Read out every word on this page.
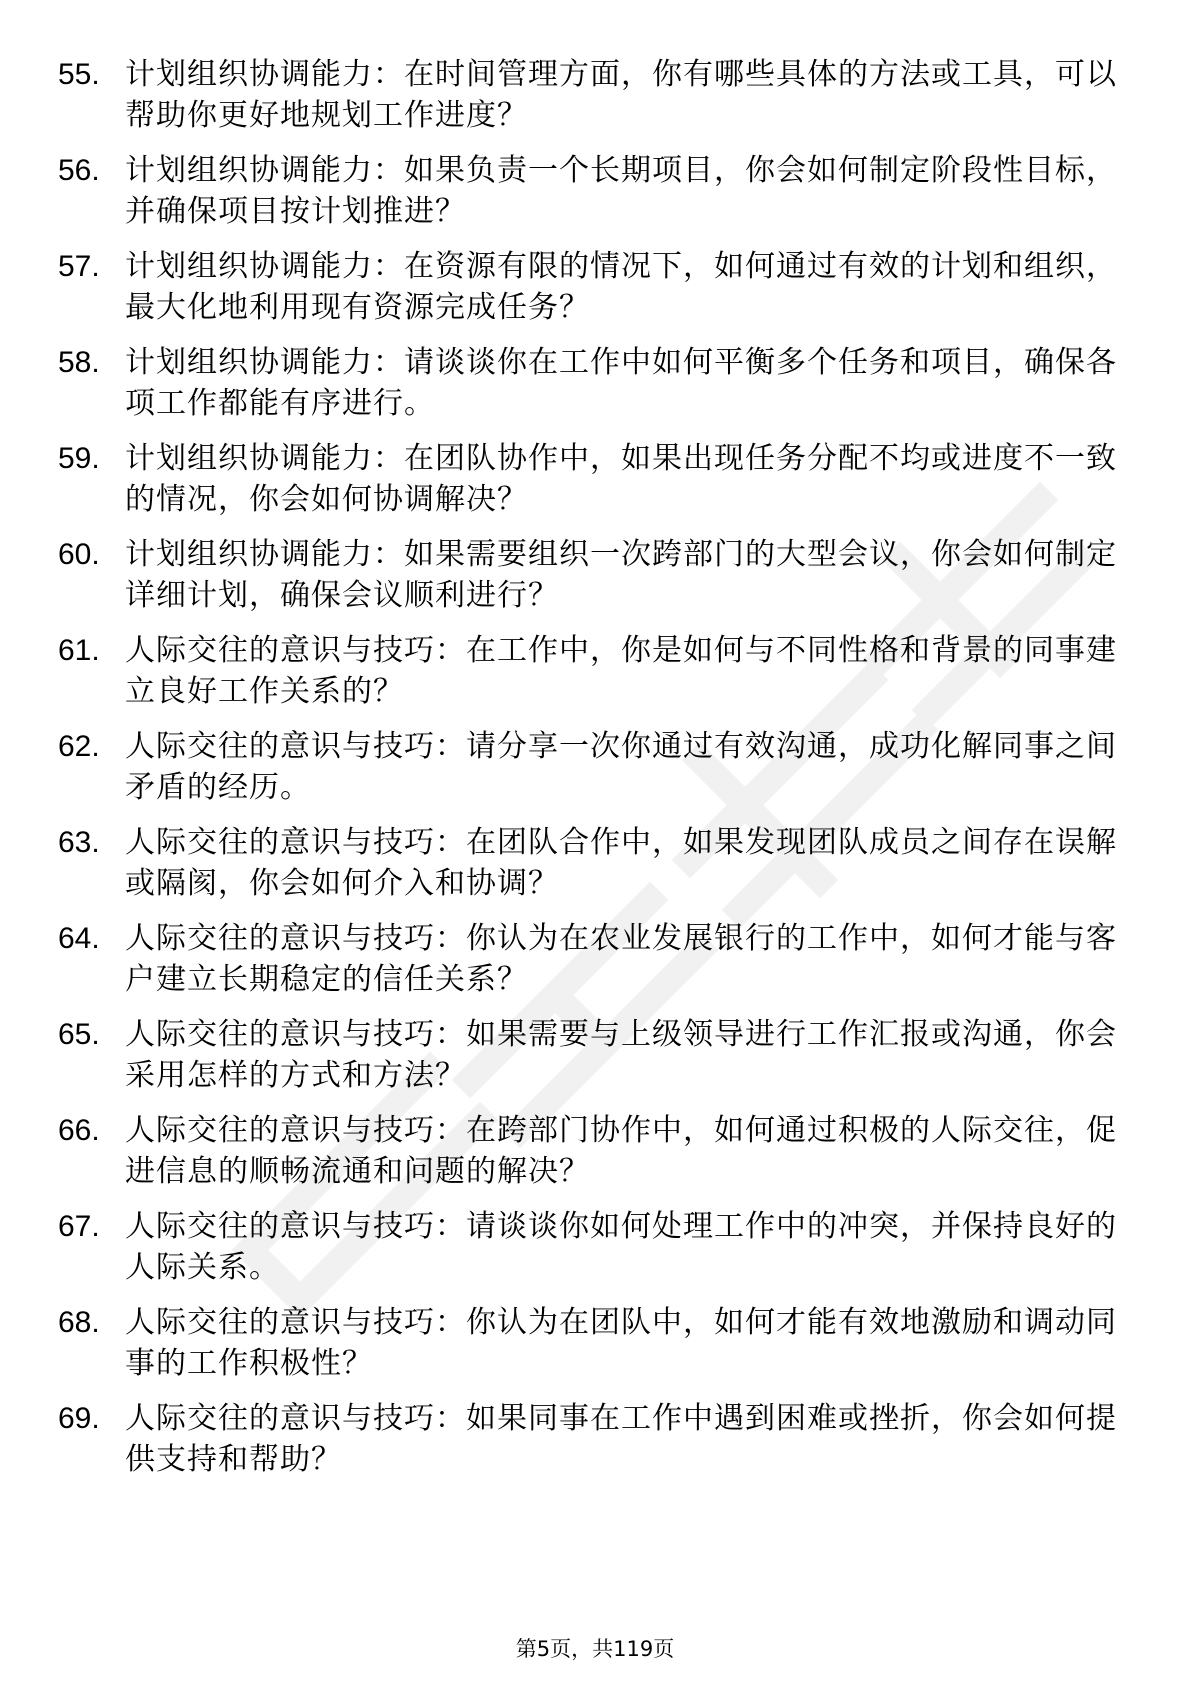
55. 计划组织协调能力：在时间管理方面，你有哪些具体的方法或工具，可以帮助你更好地规划工作进度？
56. 计划组织协调能力：如果负责一个长期项目，你会如何制定阶段性目标，并确保项目按计划推进？
57. 计划组织协调能力：在资源有限的情况下，如何通过有效的计划和组织，最大化地利用现有资源完成任务？
58. 计划组织协调能力：请谈谈你在工作中如何平衡多个任务和项目，确保各项工作都能有序进行。
59. 计划组织协调能力：在团队协作中，如果出现任务分配不均或进度不一致的情况，你会如何协调解决？
60. 计划组织协调能力：如果需要组织一次跨部门的大型会议，你会如何制定详细计划，确保会议顺利进行？
61. 人际交往的意识与技巧：在工作中，你是如何与不同性格和背景的同事建立良好工作关系的？
62. 人际交往的意识与技巧：请分享一次你通过有效沟通，成功化解同事之间矛盾的经历。
63. 人际交往的意识与技巧：在团队合作中，如果发现团队成员之间存在误解或隔阂，你会如何介入和协调？
64. 人际交往的意识与技巧：你认为在农业发展银行的工作中，如何才能与客户建立长期稳定的信任关系？
65. 人际交往的意识与技巧：如果需要与上级领导进行工作汇报或沟通，你会采用怎样的方式和方法？
66. 人际交往的意识与技巧：在跨部门协作中，如何通过积极的人际交往，促进信息的顺畅流通和问题的解决？
67. 人际交往的意识与技巧：请谈谈你如何处理工作中的冲突，并保持良好的人际关系。
68. 人际交往的意识与技巧：你认为在团队中，如何才能有效地激励和调动同事的工作积极性？
69. 人际交往的意识与技巧：如果同事在工作中遇到困难或挫折，你会如何提供支持和帮助？
第5页，共119页
